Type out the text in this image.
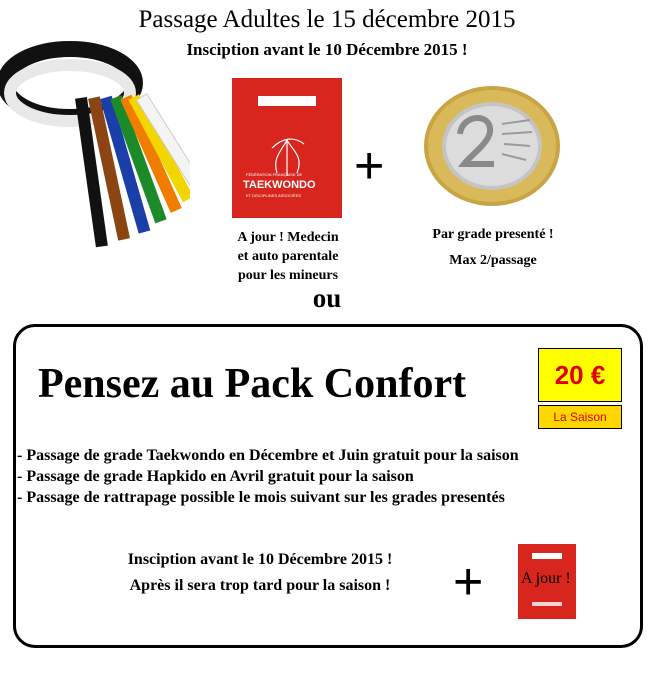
Passage Adultes le 15 décembre 2015
Insciption avant le 10 Décembre 2015 !
FÉDÉRATION FRANÇAISE DE
TAEKWONDO
ET DISCIPLINES ASSOCIÉES
+
A jour ! Medecin
et auto parentale
pour les mineurs
Par grade presenté !
Max 2/passage
ou
Pensez au Pack Confort	20 €
La Saison
- Passage de grade Taekwondo en Décembre et Juin gratuit pour la saison
- Passage de grade Hapkido en Avril gratuit pour la saison
- Passage de rattrapage possible le mois suivant sur les grades presentés
Insciption avant le 10 Décembre 2015 !
Après il sera trop tard pour la saison !	+ A jour !
